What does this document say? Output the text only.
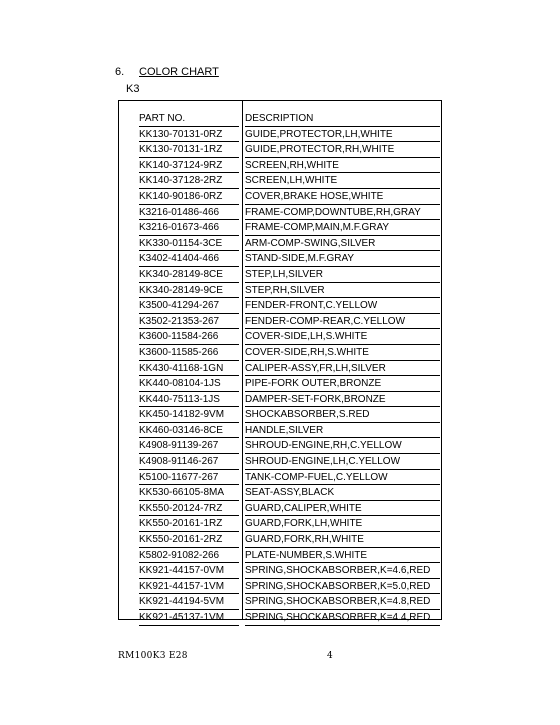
6. COLOR CHART
K3
PART NO.	DESCRIPTION
KK130-70131-0RZ	GUIDE,PROTECTOR,LH,WHITE
KK130-70131-1RZ	GUIDE,PROTECTOR,RH,WHITE
KK140-37124-9RZ	SCREEN,RH,WHITE
KK140-37128-2RZ	SCREEN,LH,WHITE
KK140-90186-0RZ	COVER,BRAKE HOSE,WHITE
K3216-01486-466	FRAME-COMP,DOWNTUBE,RH,GRAY
K3216-01673-466	FRAME-COMP,MAIN,M.F.GRAY
KK330-01154-3CE	ARM-COMP-SWING,SILVER
K3402-41404-466	STAND-SIDE,M.F.GRAY
KK340-28149-8CE	STEP,LH,SILVER
KK340-28149-9CE	STEP,RH,SILVER
K3500-41294-267	FENDER-FRONT,C.YELLOW
K3502-21353-267	FENDER-COMP-REAR,C.YELLOW
K3600-11584-266	COVER-SIDE,LH,S.WHITE
K3600-11585-266	COVER-SIDE,RH,S.WHITE
KK430-41168-1GN	CALIPER-ASSY,FR,LH,SILVER
KK440-08104-1JS	PIPE-FORK OUTER,BRONZE
KK440-75113-1JS	DAMPER-SET-FORK,BRONZE
KK450-14182-9VM	SHOCKABSORBER,S.RED
KK460-03146-8CE	HANDLE,SILVER
K4908-91139-267	SHROUD-ENGINE,RH,C.YELLOW
K4908-91146-267	SHROUD-ENGINE,LH,C.YELLOW
K5100-11677-267	TANK-COMP-FUEL,C.YELLOW
KK530-66105-8MA	SEAT-ASSY,BLACK
KK550-20124-7RZ	GUARD,CALIPER,WHITE
KK550-20161-1RZ	GUARD,FORK,LH,WHITE
KK550-20161-2RZ	GUARD,FORK,RH,WHITE
K5802-91082-266	PLATE-NUMBER,S.WHITE
KK921-44157-0VM	SPRING,SHOCKABSORBER,K=4.6,RED
KK921-44157-1VM	SPRING,SHOCKABSORBER,K=5.0,RED
KK921-44194-5VM	SPRING,SHOCKABSORBER,K=4.8,RED
KK921-45137-1VM	SPRING,SHOCKABSORBER,K=4.4,RED
RM100K3 E28	4
